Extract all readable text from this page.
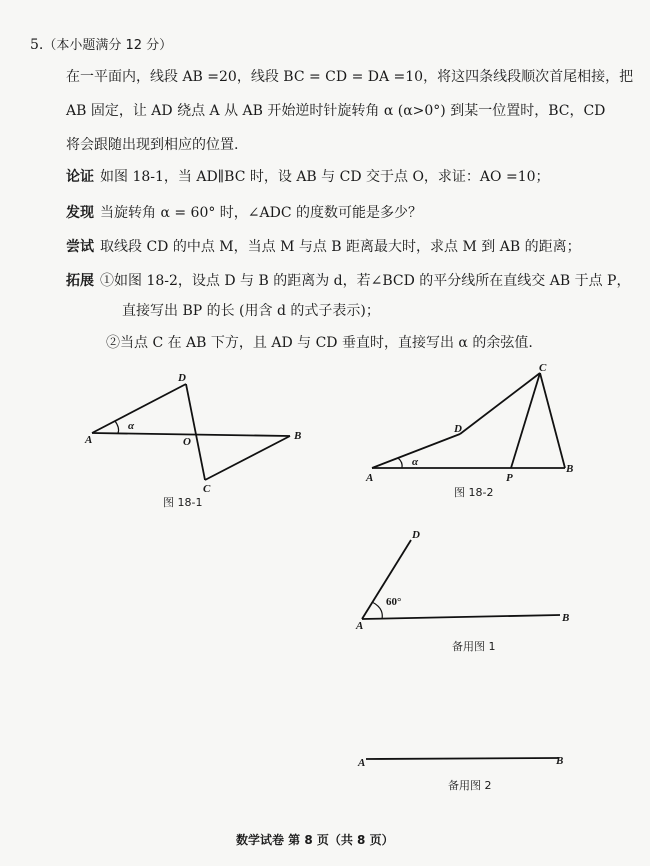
5.（本小题满分 12 分）
在一平面内，线段 AB =20，线段 BC = CD = DA =10，将这四条线段顺次首尾相接，把
AB 固定，让 AD 绕点 A 从 AB 开始逆时针旋转角 α (α>0°) 到某一位置时，BC，CD
将会跟随出现到相应的位置.
论证 如图 18-1，当 AD∥BC 时，设 AB 与 CD 交于点 O，求证：AO =10；
发现 当旋转角 α = 60° 时，∠ADC 的度数可能是多少？
尝试 取线段 CD 的中点 M，当点 M 与点 B 距离最大时，求点 M 到 AB 的距离；
拓展 ①如图 18-2，设点 D 与 B 的距离为 d，若∠BCD 的平分线所在直线交 AB 于点 P，
直接写出 BP 的长 (用含 d 的式子表示)；
②当点 C 在 AB 下方，且 AD 与 CD 垂直时，直接写出 α 的余弦值.
A
D
O	B
C
α
图 18-1
A
D
C
P
B
α
图 18-2
D
A
B
60°
备用图 1
A	B
备用图 2
数学试卷 第 8 页（共 8 页）
